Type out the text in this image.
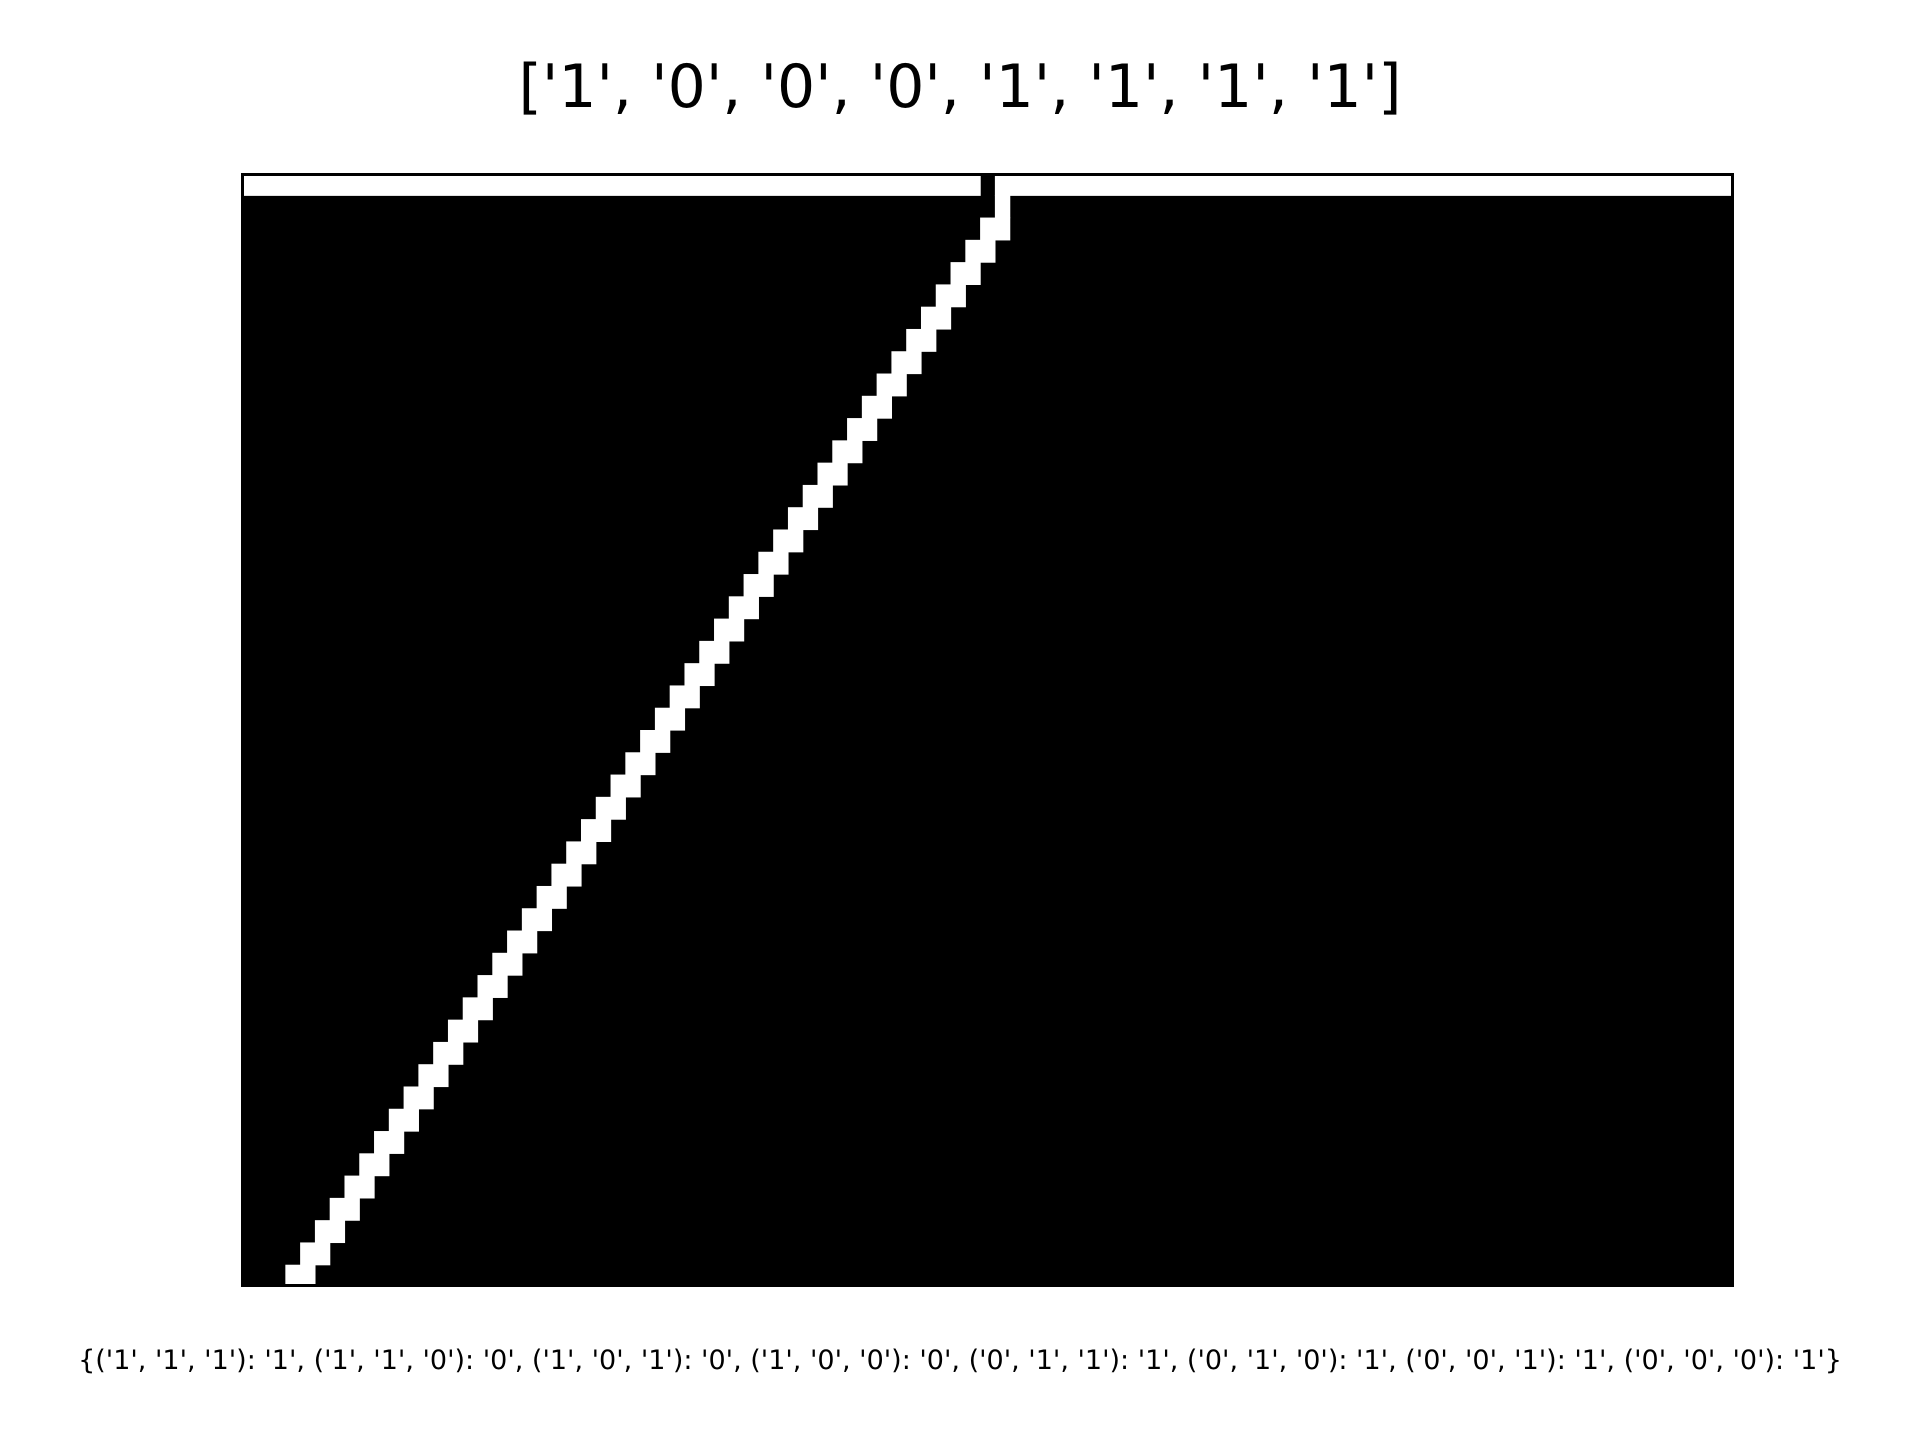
['1', '0', '0', '0', '1', '1', '1', '1']
{('1', '1', '1'): '1', ('1', '1', '0'): '0', ('1', '0', '1'): '0', ('1', '0', '0'): '0', ('0', '1', '1'): '1', ('0', '1', '0'): '1', ('0', '0', '1'): '1', ('0', '0', '0'): '1'}
